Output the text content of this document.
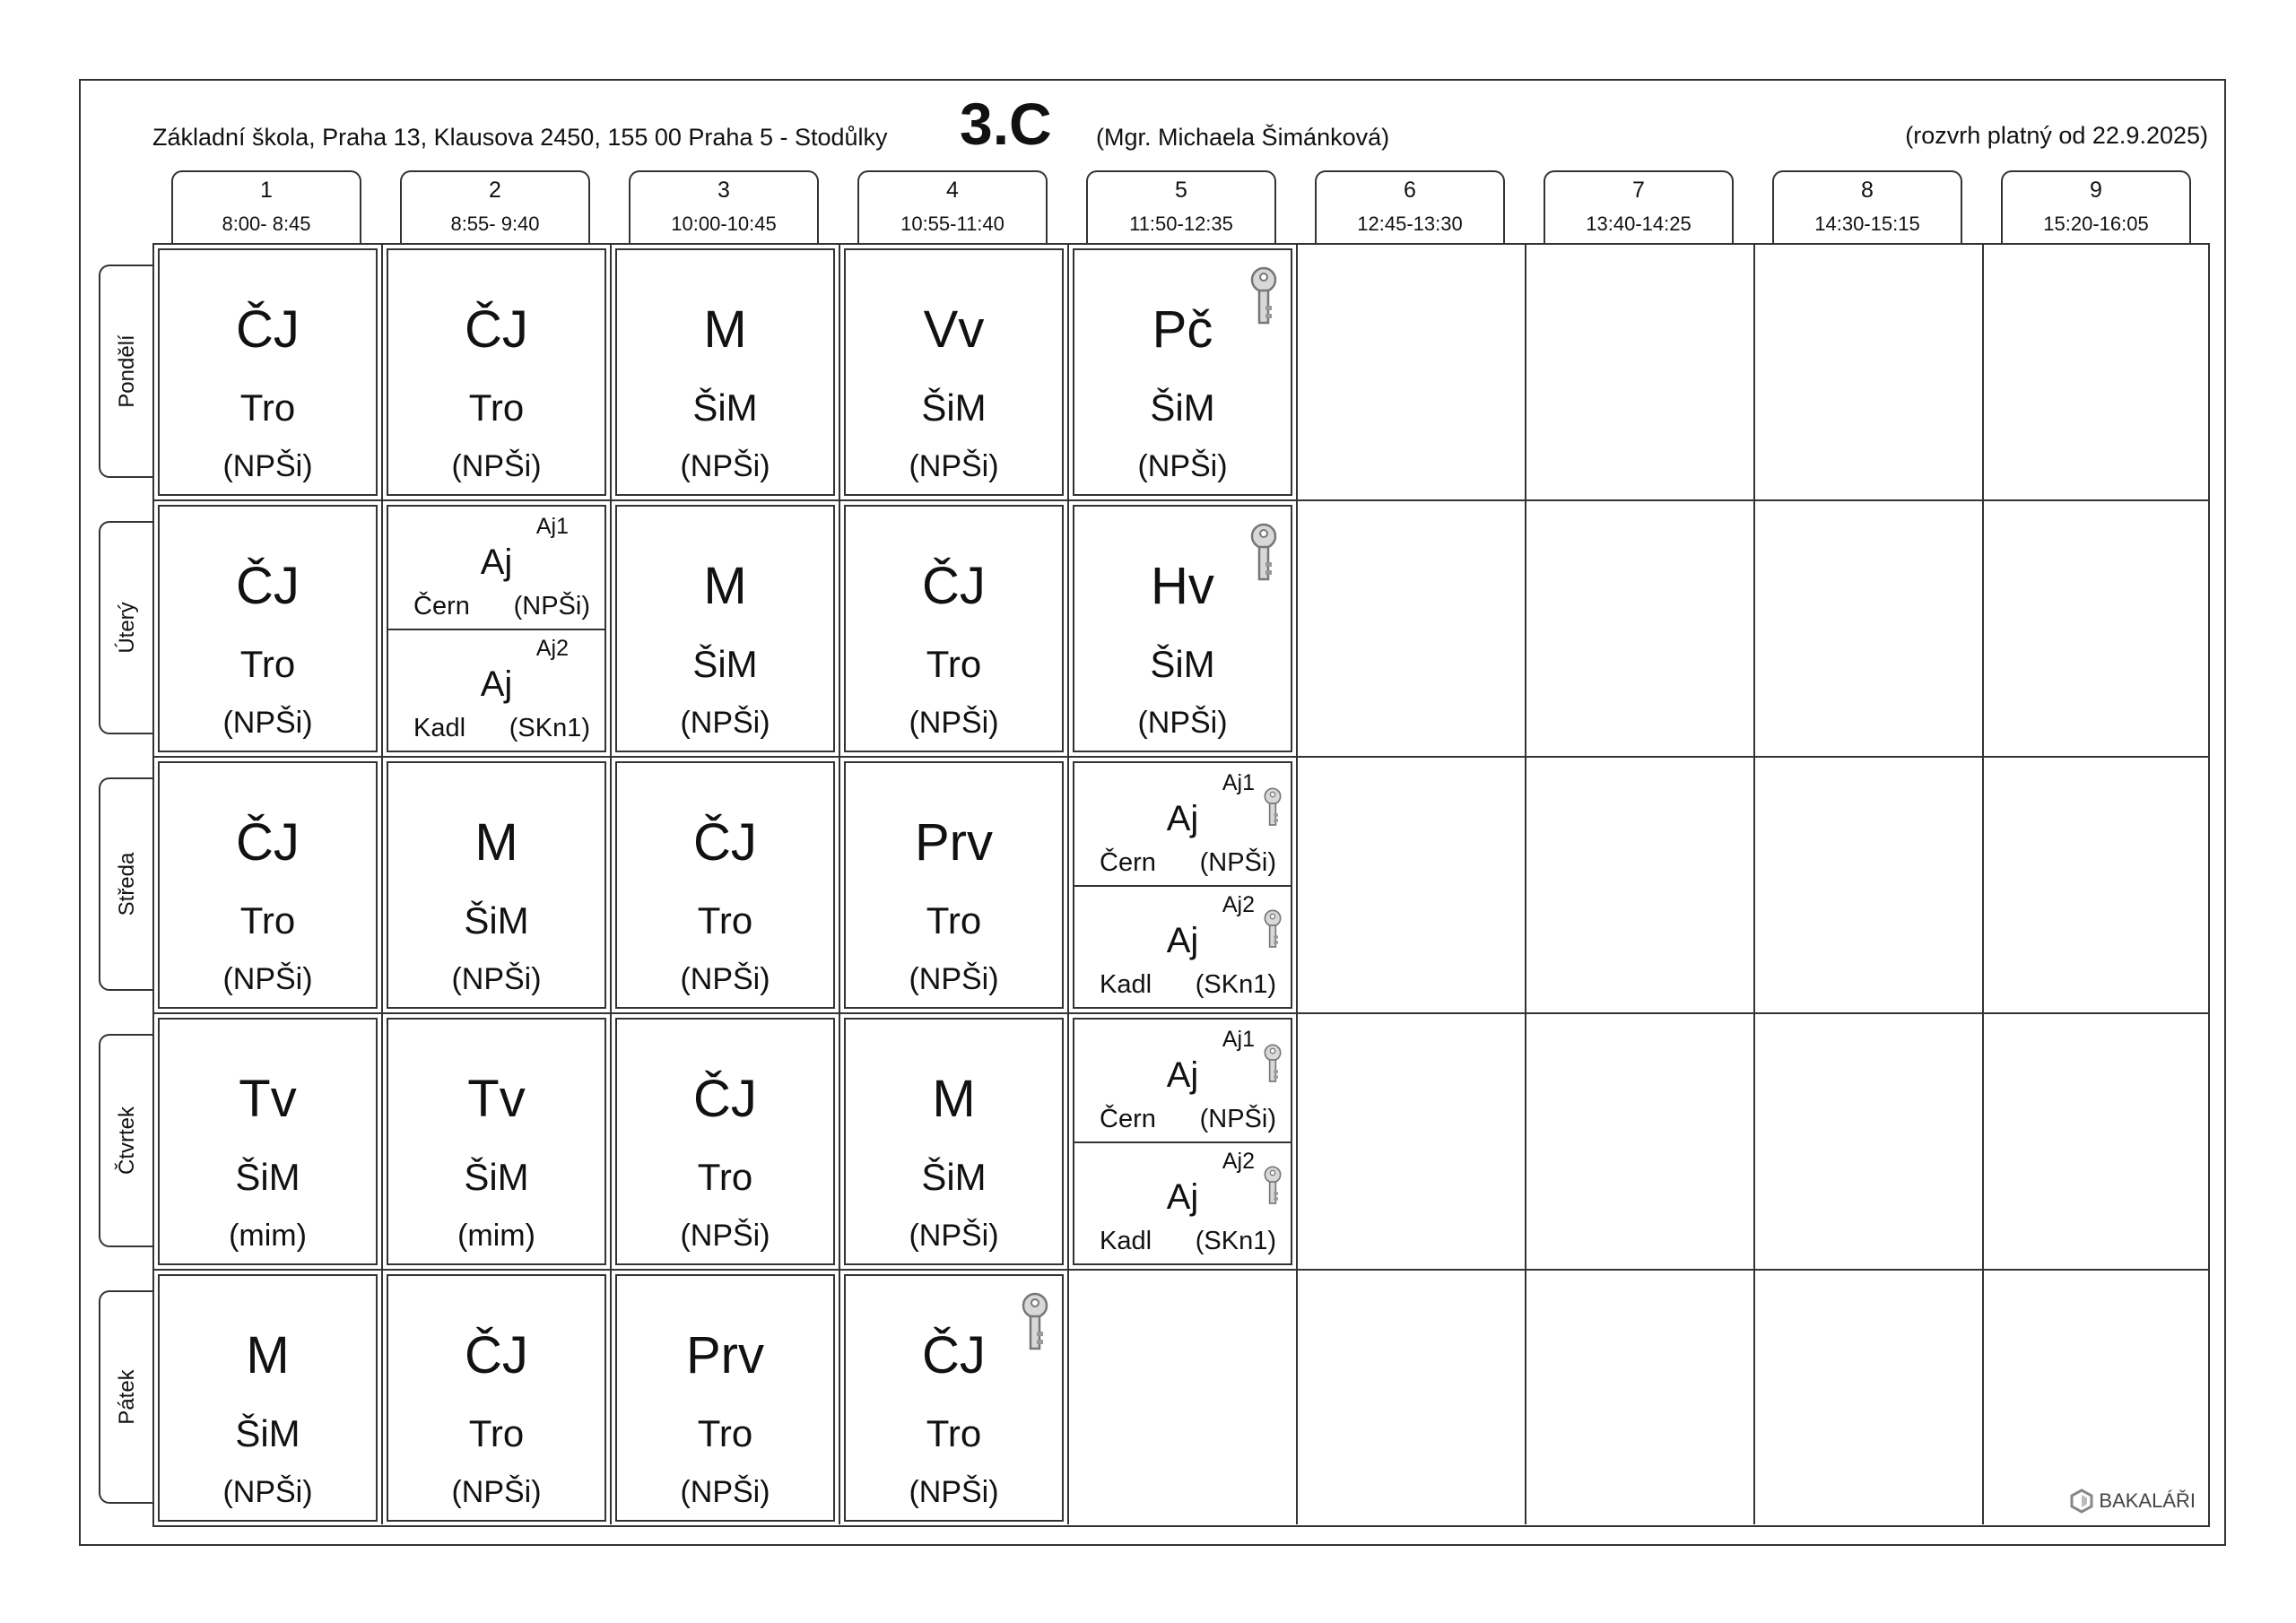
Základní škola, Praha 13, Klausova 2450, 155 00 Praha 5 - Stodůlky 3.C (Mgr. Michaela Šimánková)	(rozvrh platný od 22.9.2025)
1
8:00- 8:45
2
8:55- 9:40
3
10:00-10:45
4
10:55-11:40
5
11:50-12:35
6
12:45-13:30
7
13:40-14:25
8
14:30-15:15
9
15:20-16:05
Pondělí
Úterý
Středa
Čtvrtek
Pátek
ČJ
Tro
(NPŠi)
ČJ
Tro
(NPŠi)
M
ŠiM
(NPŠi)
Vv
ŠiM
(NPŠi)
Pč
ŠiM
(NPŠi)
ČJ
Tro
(NPŠi)
Aj1
Aj
Čern (NPŠi)
Aj2
Aj
Kadl (SKn1)
M
ŠiM
(NPŠi)
ČJ
Tro
(NPŠi)
Hv
ŠiM
(NPŠi)
ČJ
Tro
(NPŠi)
M
ŠiM
(NPŠi)
ČJ
Tro
(NPŠi)
Prv
Tro
(NPŠi)
Aj1
Aj
Čern (NPŠi)
Aj2
Aj
Kadl (SKn1)
Tv
ŠiM
(mim)
Tv
ŠiM
(mim)
ČJ
Tro
(NPŠi)
M
ŠiM
(NPŠi)
Aj1
Aj
Čern (NPŠi)
Aj2
Aj
Kadl (SKn1)
M
ŠiM
(NPŠi)
ČJ
Tro
(NPŠi)
Prv
Tro
(NPŠi)
ČJ
Tro
(NPŠi)	BAKALÁŘI
